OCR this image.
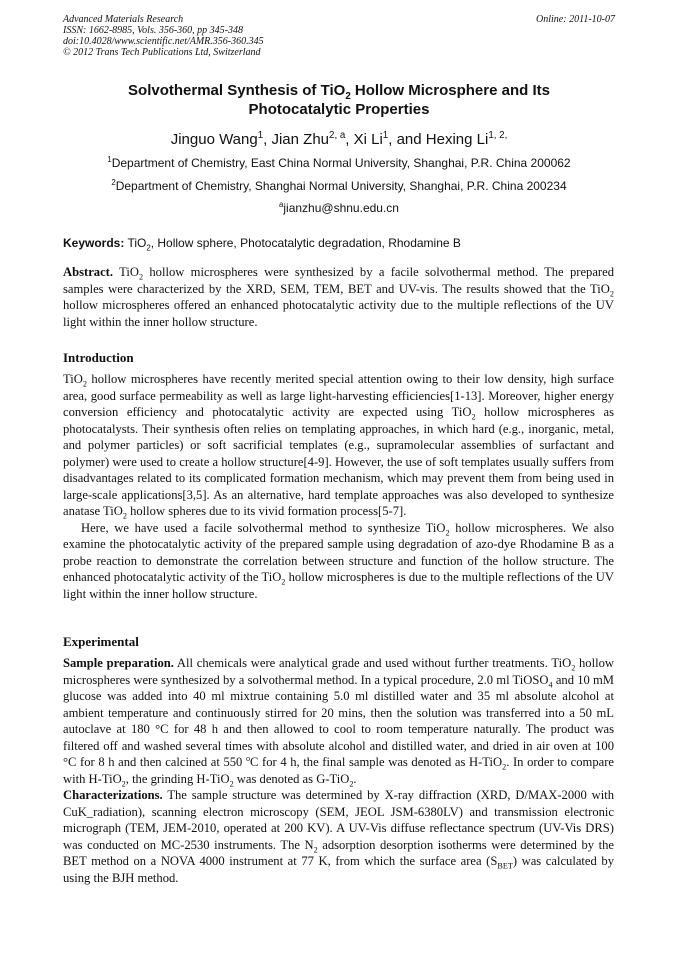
Advanced Materials Research
ISSN: 1662-8985, Vols. 356-360, pp 345-348
doi:10.4028/www.scientific.net/AMR.356-360.345
© 2012 Trans Tech Publications Ltd, Switzerland
Online: 2011-10-07
Solvothermal Synthesis of TiO$_2$ Hollow Microsphere and Its
Photocatalytic Properties
Jinguo Wang$^1$, Jian Zhu$^{2, a}$, Xi Li$^1$, and Hexing $Li^{1, 2,}$
$^1$Department of Chemistry, East China Normal University, Shanghai, P.R. China 200062
$^2$Department of Chemistry, Shanghai Normal University, Shanghai, P.R. China 200234
$^a$jianzhu@shnu.edu.cn
Keywords: TiO$_2$, Hollow sphere, Photocatalytic degradation, Rhodamine B

Abstract. TiO$_2$ hollow microspheres were synthesized by a facile solvothermal method. The prepared samples were characterized by the XRD, SEM, TEM, BET and UV-vis. The results showed that the TiO$_2$ hollow microspheres offered an enhanced photocatalytic activity due to the multiple reflections of the UV light within the inner hollow structure.

Introduction

TiO$_2$ hollow microspheres have recently merited special attention owing to their low density, high surface area, good surface permeability as well as large light-harvesting efficiencies[1-13]. Moreover, higher energy conversion efficiency and photocatalytic activity are expected using TiO$_2$ hollow microspheres as photocatalysts. Their synthesis often relies on templating approaches, in which hard (e.g., inorganic, metal, and polymer particles) or soft sacrificial templates (e.g., supramolecular assemblies of surfactant and polymer) were used to create a hollow structure[4-9]. However, the use of soft templates usually suffers from disadvantages related to its complicated formation mechanism, which may prevent them from being used in large-scale applications[3,5]. As an alternative, hard template approaches was also developed to synthesize anatase TiO$_2$ hollow spheres due to its vivid formation process[5-7].

Here, we have used a facile solvothermal method to synthesize TiO$_2$ hollow microspheres. We also examine the photocatalytic activity of the prepared sample using degradation of azo-dye Rhodamine B as a probe reaction to demonstrate the correlation between structure and function of the hollow structure. The enhanced photocatalytic activity of the TiO$_2$ hollow microspheres is due to the multiple reflections of the UV light within the inner hollow structure.

Experimental

Sample preparation. All chemicals were analytical grade and used without further treatments. TiO$_2$ hollow microspheres were synthesized by a solvothermal method. In a typical procedure, 2.0 ml TiOSO$_4$ and 10 mM glucose was added into 40 ml mixtrue containing 5.0 ml distilled water and 35 ml absolute alcohol at ambient temperature and continuously stirred for 20 mins, then the solution was transferred into a 50 mL autoclave at 180 °C for 48 h and then allowed to cool to room temperature naturally. The product was filtered off and washed several times with absolute alcohol and distilled water, and dried in air oven at 100 °C for 8 h and then calcined at 550 $^o$C for 4 h, the final sample was denoted as H-TiO$_2$. In order to compare with H-TiO$_2$, the grinding H-TiO$_2$ was denoted as G-TiO$_2$.

Characterizations. The sample structure was determined by X-ray diffraction (XRD, D/MAX-2000 with CuK_radiation), scanning electron microscopy (SEM, JEOL JSM-6380LV) and transmission electronic micrograph (TEM, JEM-2010, operated at 200 KV). A UV-Vis diffuse reflectance spectrum (UV-Vis DRS) was conducted on MC-2530 instruments. The $N_2$ adsorption desorption isotherms were determined by the BET method on a NOVA 4000 instrument at 77 K, from which the surface area $(S_{BET})$ was calculated by using the BJH method.
